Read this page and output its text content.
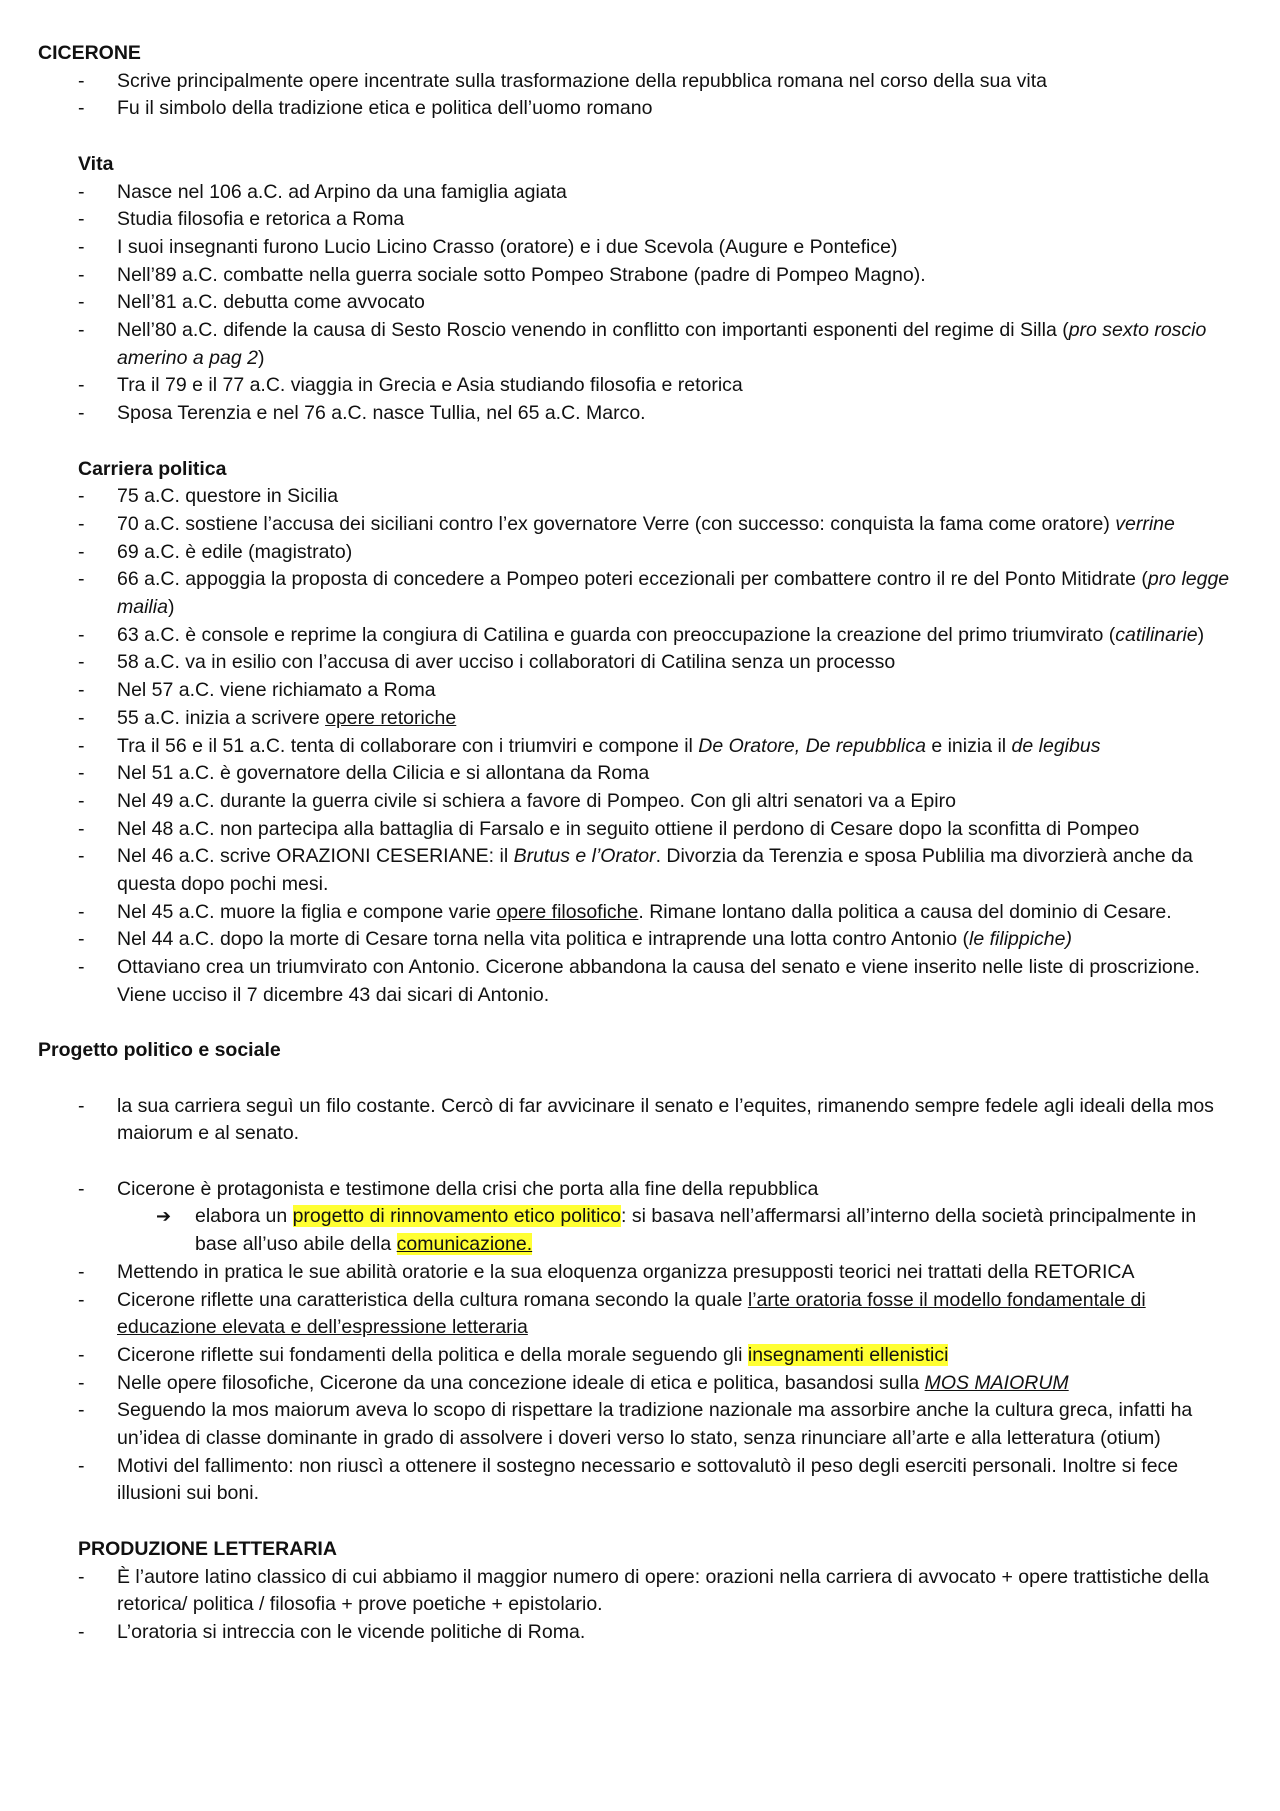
CICERONE
- Scrive principalmente opere incentrate sulla trasformazione della repubblica romana nel corso della sua vita
- Fu il simbolo della tradizione etica e politica dell’uomo romano
Vita
- Nasce nel 106 a.C. ad Arpino da una famiglia agiata
- Studia filosofia e retorica a Roma
- I suoi insegnanti furono Lucio Licino Crasso (oratore) e i due Scevola (Augure e Pontefice)
- Nell’89 a.C. combatte nella guerra sociale sotto Pompeo Strabone (padre di Pompeo Magno).
- Nell’81 a.C. debutta come avvocato
- Nell’80 a.C. difende la causa di Sesto Roscio venendo in conflitto con importanti esponenti del regime di Silla (pro sexto roscio amerino a pag 2)
- Tra il 79 e il 77 a.C. viaggia in Grecia e Asia studiando filosofia e retorica
- Sposa Terenzia e nel 76 a.C. nasce Tullia, nel 65 a.C. Marco.
Carriera politica
- 75 a.C. questore in Sicilia
- 70 a.C. sostiene l’accusa dei siciliani contro l’ex governatore Verre (con successo: conquista la fama come oratore) verrine
- 69 a.C. è edile (magistrato)
- 66 a.C. appoggia la proposta di concedere a Pompeo poteri eccezionali per combattere contro il re del Ponto Mitidrate (pro legge mailia)
- 63 a.C. è console e reprime la congiura di Catilina e guarda con preoccupazione la creazione del primo triumvirato (catilinarie)
- 58 a.C. va in esilio con l’accusa di aver ucciso i collaboratori di Catilina senza un processo
- Nel 57 a.C. viene richiamato a Roma
- 55 a.C. inizia a scrivere opere retoriche
- Tra il 56 e il 51 a.C. tenta di collaborare con i triumviri e compone il De Oratore, De repubblica e inizia il de legibus
- Nel 51 a.C. è governatore della Cilicia e si allontana da Roma
- Nel 49 a.C. durante la guerra civile si schiera a favore di Pompeo. Con gli altri senatori va a Epiro
- Nel 48 a.C. non partecipa alla battaglia di Farsalo e in seguito ottiene il perdono di Cesare dopo la sconfitta di Pompeo
- Nel 46 a.C. scrive ORAZIONI CESERIANE: il Brutus e l’Orator. Divorzia da Terenzia e sposa Publilia ma divorzierà anche da questa dopo pochi mesi.
- Nel 45 a.C. muore la figlia e compone varie opere filosofiche. Rimane lontano dalla politica a causa del dominio di Cesare.
- Nel 44 a.C. dopo la morte di Cesare torna nella vita politica e intraprende una lotta contro Antonio (le filippiche)
- Ottaviano crea un triumvirato con Antonio. Cicerone abbandona la causa del senato e viene inserito nelle liste di proscrizione. Viene ucciso il 7 dicembre 43 dai sicari di Antonio.
Progetto politico e sociale
- la sua carriera seguì un filo costante. Cercò di far avvicinare il senato e l’equites, rimanendo sempre fedele agli ideali della mos maiorum e al senato.
- Cicerone è protagonista e testimone della crisi che porta alla fine della repubblica
➔ elabora un progetto di rinnovamento etico politico: si basava nell’affermarsi all’interno della società principalmente in base all’uso abile della comunicazione.
- Mettendo in pratica le sue abilità oratorie e la sua eloquenza organizza presupposti teorici nei trattati della RETORICA
- Cicerone riflette una caratteristica della cultura romana secondo la quale l’arte oratoria fosse il modello fondamentale di educazione elevata e dell’espressione letteraria
- Cicerone riflette sui fondamenti della politica e della morale seguendo gli insegnamenti ellenistici
- Nelle opere filosofiche, Cicerone da una concezione ideale di etica e politica, basandosi sulla MOS MAIORUM
- Seguendo la mos maiorum aveva lo scopo di rispettare la tradizione nazionale ma assorbire anche la cultura greca, infatti ha un’idea di classe dominante in grado di assolvere i doveri verso lo stato, senza rinunciare all’arte e alla letteratura (otium)
- Motivi del fallimento: non riuscì a ottenere il sostegno necessario e sottovalutò il peso degli eserciti personali. Inoltre si fece illusioni sui boni.
PRODUZIONE LETTERARIA
- È l’autore latino classico di cui abbiamo il maggior numero di opere: orazioni nella carriera di avvocato + opere trattistiche della retorica/ politica / filosofia + prove poetiche + epistolario.
- L’oratoria si intreccia con le vicende politiche di Roma.
